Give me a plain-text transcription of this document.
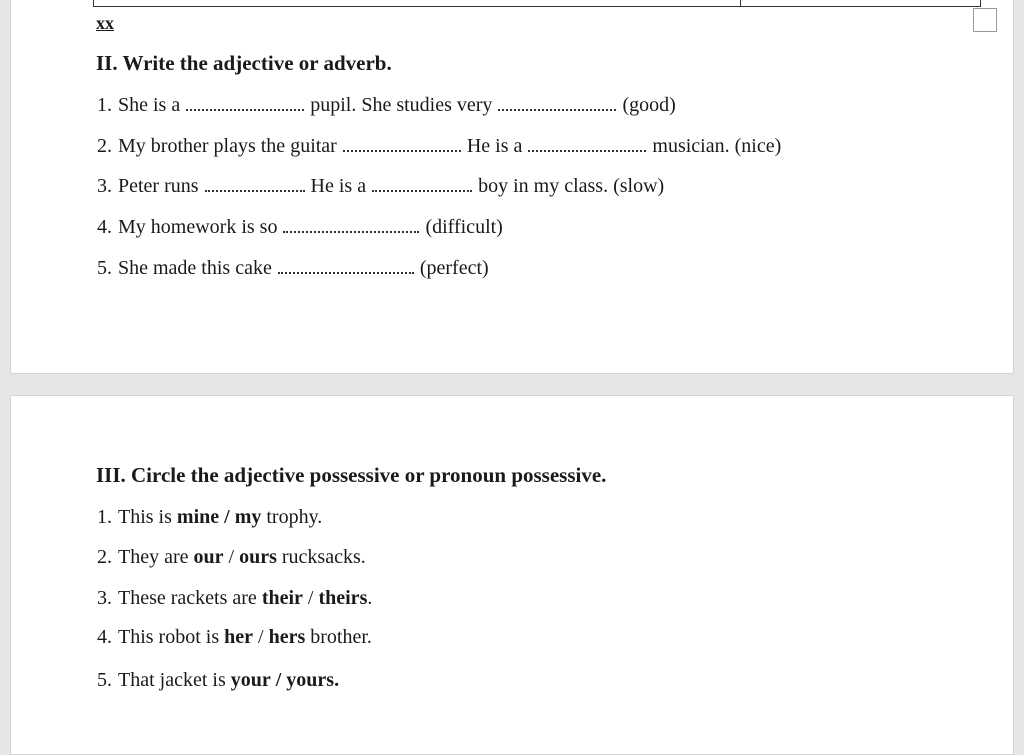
xx
II. Write the adjective or adverb.
1. She is a	pupil. She studies very	(good)
2. My brother plays the guitar	He is a	musician. (nice)
3. Peter runs	He is a	boy in my class. (slow)
4. My homework is so	(difficult)
5. She made this cake	(perfect)
III. Circle the adjective possessive or pronoun possessive.
1. This is mine / my trophy.
2. They are our / ours rucksacks.
3. These rackets are their / theirs.
4. This robot is her / hers brother.
5. That jacket is your / yours.
